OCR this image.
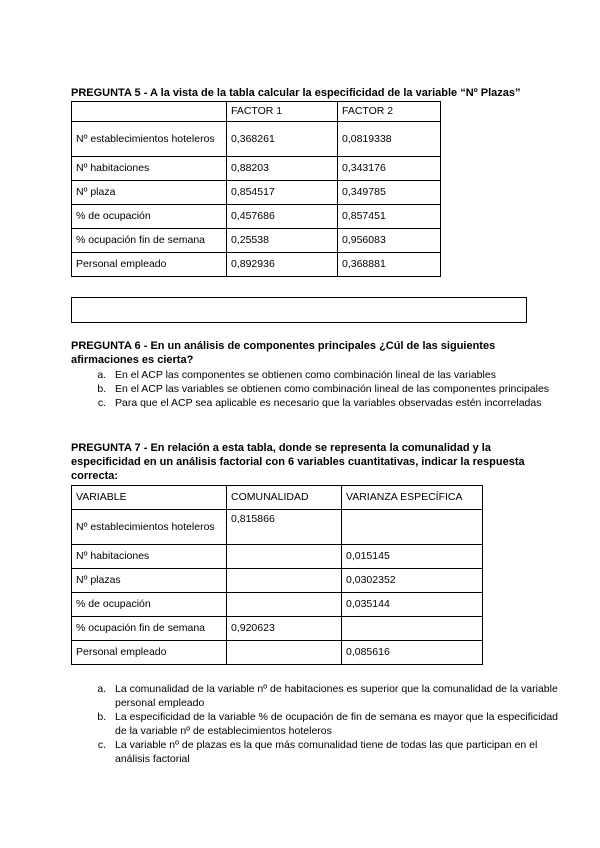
PREGUNTA 5 - A la vista de la tabla calcular la especificidad de la variable “Nº Plazas”
	FACTOR 1	FACTOR 2
Nº establecimientos hoteleros	0,368261	0,0819338
Nº habitaciones	0,88203	0,343176
Nº plaza	0,854517	0,349785
% de ocupación	0,457686	0,857451
% ocupación fin de semana	0,25538	0,956083
Personal empleado	0,892936	0,368881
PREGUNTA 6 - En un análisis de componentes principales ¿Cúl de las siguientes afirmaciones es cierta?
a. En el ACP las componentes se obtienen como combinación lineal de las variables
b. En el ACP las variables se obtienen como combinación lineal de las componentes principales
c. Para que el ACP sea aplicable es necesario que la variables observadas estén incorreladas
PREGUNTA 7 - En relación a esta tabla, donde se representa la comunalidad y la especificidad en un análisis factorial con 6 variables cuantitativas, indicar la respuesta correcta:
VARIABLE	COMUNALIDAD	VARIANZA ESPECÍFICA
Nº establecimientos hoteleros	0,815866	
Nº habitaciones		0,015145
Nº plazas		0,0302352
% de ocupación		0,035144
% ocupación fin de semana	0,920623	
Personal empleado		0,085616
a. La comunalidad de la variable nº de habitaciones es superior que la comunalidad de la variable personal empleado
b. La especificidad de la variable % de ocupación de fin de semana es mayor que la especificidad de la variable nº de establecimientos hoteleros
c. La variable nº de plazas es la que más comunalidad tiene de todas las que participan en el análisis factorial
